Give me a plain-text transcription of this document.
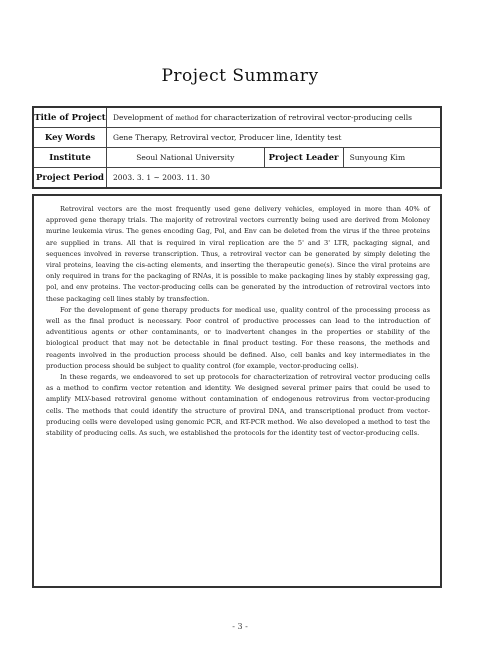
Project Summary
Title of Project	Development of method for characterization of retroviral vector-producing cells		
Key Words	Gene Therapy, Retroviral vector, Producer line, Identity test		
Institute	Seoul National University	Project Leader	Sunyoung Kim
Project Period	2003. 3. 1 ~ 2003. 11. 30		

Retroviral vectors are the most frequently used gene delivery vehicles, employed in more than 40% of approved gene therapy trials. The majority of retroviral vectors currently being used are derived from Moloney murine leukemia virus. The genes encoding Gag, Pol, and Env can be deleted from the virus if the three proteins are supplied in trans. All that is required in viral replication are the 5' and 3' LTR, packaging signal, and sequences involved in reverse transcription. Thus, a retroviral vector can be generated by simply deleting the viral proteins, leaving the cis-acting elements, and inserting the therapeutic gene(s). Since the viral proteins are only required in trans for the packaging of RNAs, it is possible to make packaging lines by stably expressing gag, pol, and env proteins. The vector-producing cells can be generated by the introduction of retroviral vectors into these packaging cell lines stably by transfection.

For the development of gene therapy products for medical use, quality control of the processing process as well as the final product is necessary. Poor control of productive processes can lead to the introduction of adventitious agents or other contaminants, or to inadvertent changes in the properties or stability of the biological product that may not be detectable in final product testing. For these reasons, the methods and reagents involved in the production process should be defined. Also, cell banks and key intermediates in the production process should be subject to quality control (for example, vector-producing cells).

In these regards, we endeavored to set up protocols for characterization of retroviral vector producing cells as a method to confirm vector retention and identity. We designed several primer pairs that could be used to amplify MLV-based retroviral genome without contamination of endogenous retrovirus from vector-producing cells. The methods that could identify the structure of proviral DNA, and transcriptional product from vector-producing cells were developed using genomic PCR, and RT-PCR method. We also developed a method to test the stability of producing cells. As such, we established the protocols for the identity test of vector-producing cells.

- 3 -
